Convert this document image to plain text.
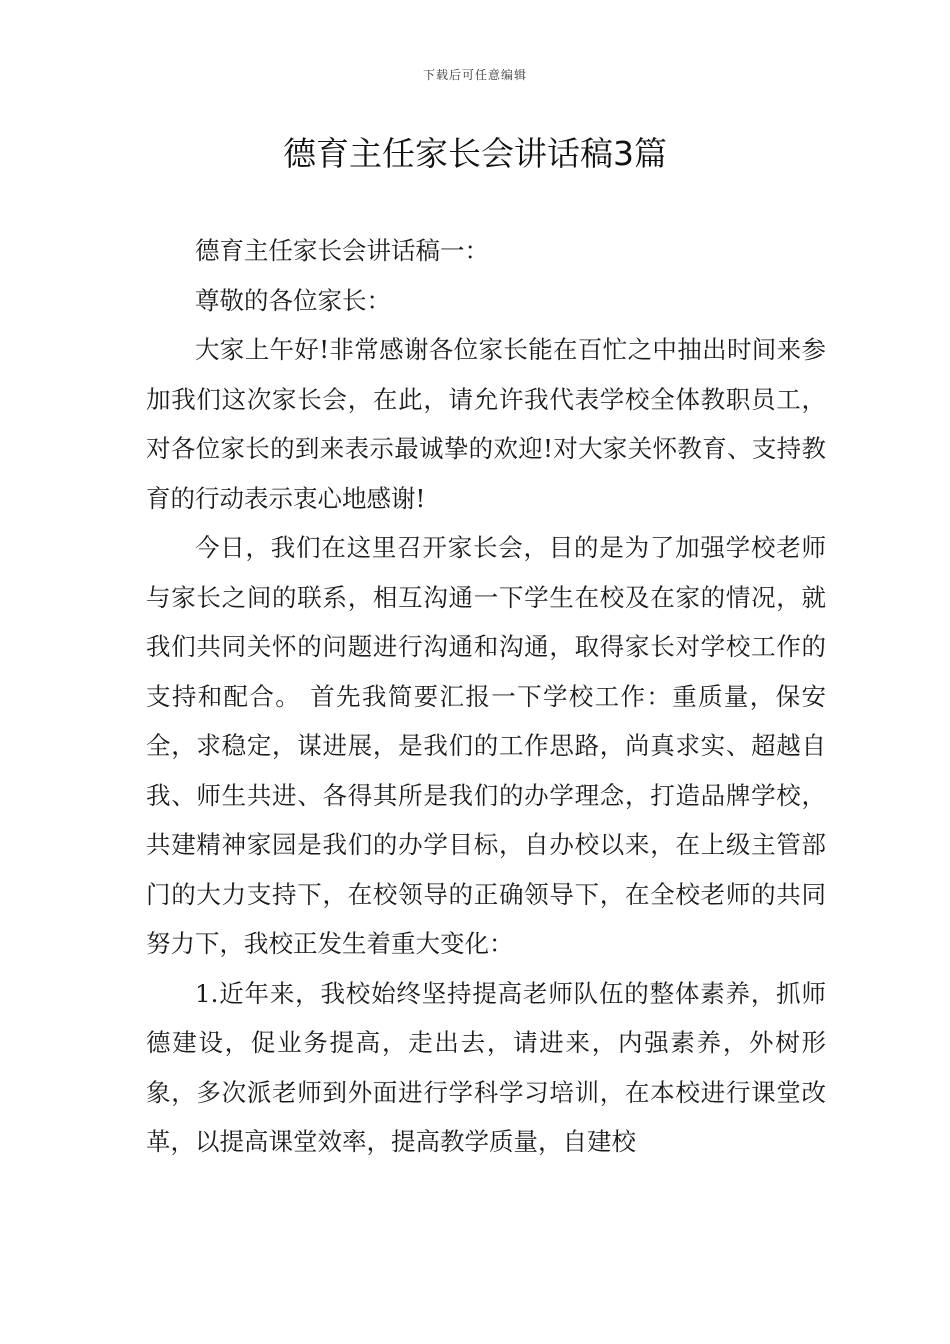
下载后可任意编辑
德育主任家长会讲话稿3篇

德育主任家长会讲话稿一：

尊敬的各位家长：

大家上午好!非常感谢各位家长能在百忙之中抽出时间来参加我们这次家长会，在此，请允许我代表学校全体教职员工，对各位家长的到来表示最诚挚的欢迎!对大家关怀教育、支持教育的行动表示衷心地感谢!

今日，我们在这里召开家长会，目的是为了加强学校老师与家长之间的联系，相互沟通一下学生在校及在家的情况，就我们共同关怀的问题进行沟通和沟通，取得家长对学校工作的支持和配合。 首先我简要汇报一下学校工作：重质量，保安全，求稳定，谋进展，是我们的工作思路，尚真求实、超越自我、师生共进、各得其所是我们的办学理念，打造品牌学校，共建精神家园是我们的办学目标，自办校以来，在上级主管部门的大力支持下，在校领导的正确领导下，在全校老师的共同努力下，我校正发生着重大变化：

1.近年来，我校始终坚持提高老师队伍的整体素养，抓师德建设，促业务提高，走出去，请进来，内强素养，外树形象，多次派老师到外面进行学科学习培训，在本校进行课堂改革，以提高课堂效率，提高教学质量，自建校
